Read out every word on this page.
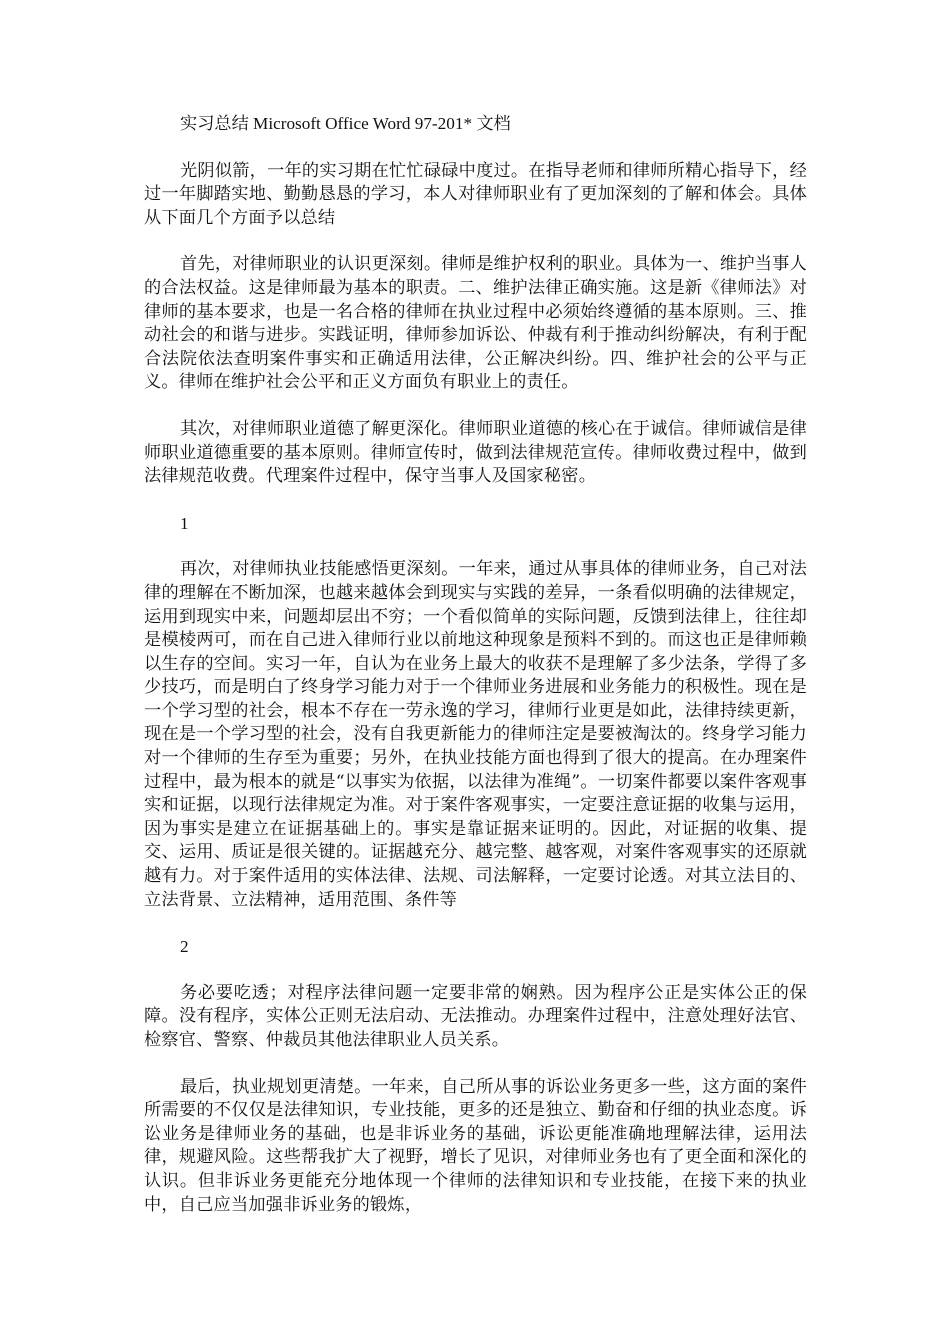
实习总结 Microsoft Office Word 97-201* 文档

光阴似箭，一年的实习期在忙忙碌碌中度过。在指导老师和律师所精心指导下，经过一年脚踏实地、勤勤恳恳的学习，本人对律师职业有了更加深刻的了解和体会。具体从下面几个方面予以总结

首先，对律师职业的认识更深刻。律师是维护权利的职业。具体为一、维护当事人的合法权益。这是律师最为基本的职责。二、维护法律正确实施。这是新《律师法》对律师的基本要求，也是一名合格的律师在执业过程中必须始终遵循的基本原则。三、推动社会的和谐与进步。实践证明，律师参加诉讼、仲裁有利于推动纠纷解决，有利于配合法院依法查明案件事实和正确适用法律，公正解决纠纷。四、维护社会的公平与正义。律师在维护社会公平和正义方面负有职业上的责任。

其次，对律师职业道德了解更深化。律师职业道德的核心在于诚信。律师诚信是律师职业道德重要的基本原则。律师宣传时，做到法律规范宣传。律师收费过程中，做到法律规范收费。代理案件过程中，保守当事人及国家秘密。

1

再次，对律师执业技能感悟更深刻。一年来，通过从事具体的律师业务，自己对法律的理解在不断加深，也越来越体会到现实与实践的差异，一条看似明确的法律规定，运用到现实中来，问题却层出不穷；一个看似简单的实际问题，反馈到法律上，往往却是模棱两可，而在自己进入律师行业以前地这种现象是预料不到的。而这也正是律师赖以生存的空间。实习一年，自认为在业务上最大的收获不是理解了多少法条，学得了多少技巧，而是明白了终身学习能力对于一个律师业务进展和业务能力的积极性。现在是一个学习型的社会，根本不存在一劳永逸的学习，律师行业更是如此，法律持续更新，现在是一个学习型的社会，没有自我更新能力的律师注定是要被淘汰的。终身学习能力对一个律师的生存至为重要；另外，在执业技能方面也得到了很大的提高。在办理案件过程中，最为根本的就是“以事实为依据，以法律为准绳”。一切案件都要以案件客观事实和证据，以现行法律规定为准。对于案件客观事实，一定要注意证据的收集与运用，因为事实是建立在证据基础上的。事实是靠证据来证明的。因此，对证据的收集、提交、运用、质证是很关键的。证据越充分、越完整、越客观，对案件客观事实的还原就越有力。对于案件适用的实体法律、法规、司法解释，一定要讨论透。对其立法目的、立法背景、立法精神，适用范围、条件等

2

务必要吃透；对程序法律问题一定要非常的娴熟。因为程序公正是实体公正的保障。没有程序，实体公正则无法启动、无法推动。办理案件过程中，注意处理好法官、检察官、警察、仲裁员其他法律职业人员关系。

最后，执业规划更清楚。一年来，自己所从事的诉讼业务更多一些，这方面的案件所需要的不仅仅是法律知识，专业技能，更多的还是独立、勤奋和仔细的执业态度。诉讼业务是律师业务的基础，也是非诉业务的基础，诉讼更能准确地理解法律，运用法律，规避风险。这些帮我扩大了视野，增长了见识，对律师业务也有了更全面和深化的认识。但非诉业务更能充分地体现一个律师的法律知识和专业技能，在接下来的执业中，自己应当加强非诉业务的锻炼，
